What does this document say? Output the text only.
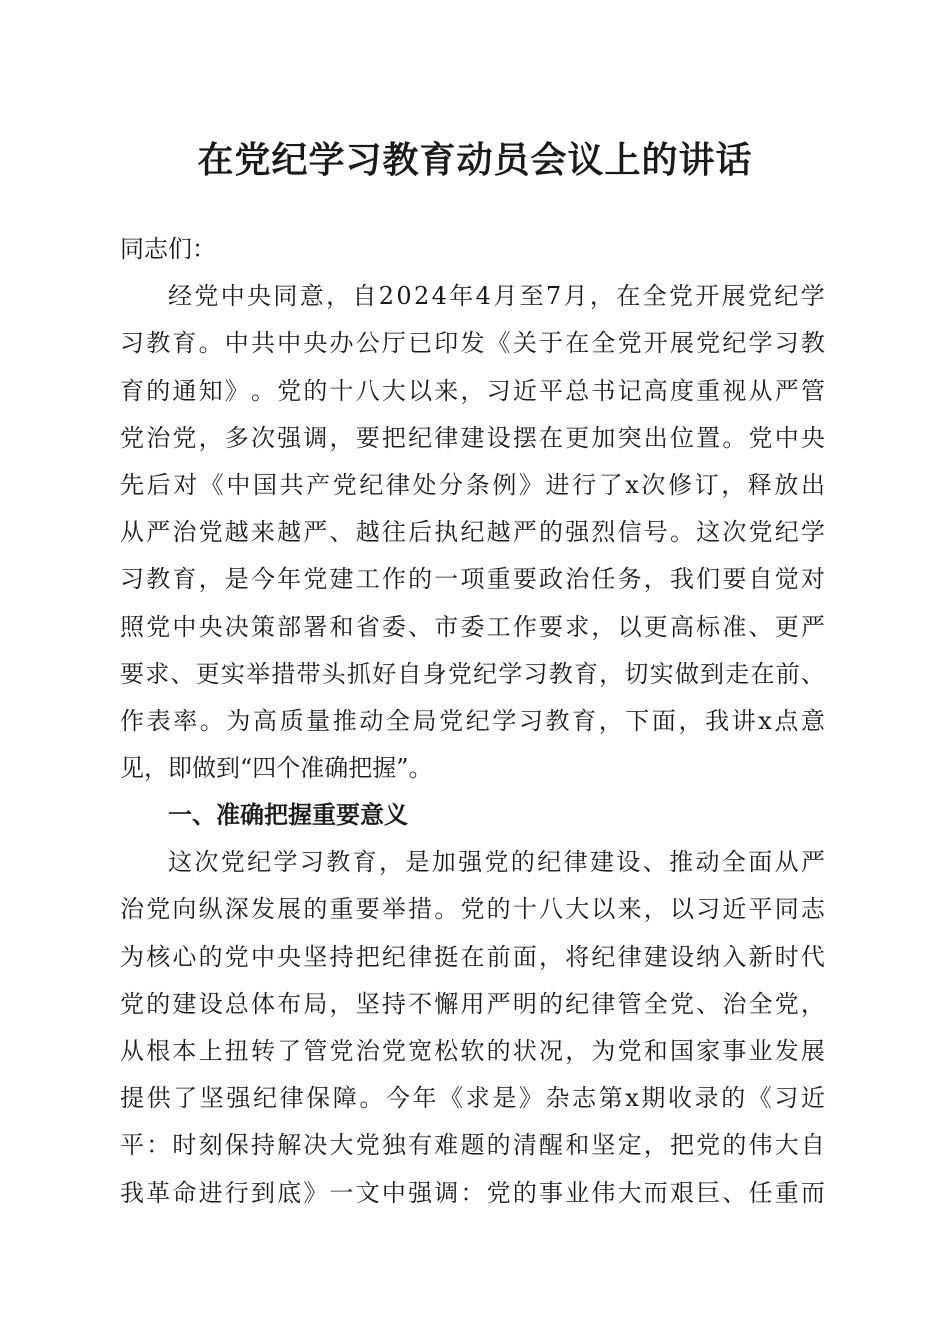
在党纪学习教育动员会议上的讲话
同志们：
经 党 中 央 同 意 ， 自 2 0 2 4 年 4 月 至 7 月 ， 在 全 党 开 展 党 纪 学
习 教 育 。 中 共 中 央 办 公 厅 已 印 发 《 关 于 在 全 党 开 展 党 纪 学 习 教
育 的 通 知 》 。 党 的 十 八 大 以 来 ， 习 近 平 总 书 记 高 度 重 视 从 严 管
党 治 党 ， 多 次 强 调 ， 要 把 纪 律 建 设 摆 在 更 加 突 出 位 置 。 党 中 央
先 后 对 《 中 国 共 产 党 纪 律 处 分 条 例 》 进 行 了 x 次 修 订 ， 释 放 出
从 严 治 党 越 来 越 严 、 越 往 后 执 纪 越 严 的 强 烈 信 号 。 这 次 党 纪 学
习 教 育 ， 是 今 年 党 建 工 作 的 一 项 重 要 政 治 任 务 ， 我 们 要 自 觉 对
照 党 中 央 决 策 部 署 和 省 委 、 市 委 工 作 要 求 ， 以 更 高 标 准 、 更 严
要 求 、 更 实 举 措 带 头 抓 好 自 身 党 纪 学 习 教 育 ， 切 实 做 到 走 在 前 、
作 表 率 。 为 高 质 量 推 动 全 局 党 纪 学 习 教 育 ， 下 面 ， 我 讲 x 点 意
见，即做到“四个准确把握”。
一、准确把握重要意义
这 次 党 纪 学 习 教 育 ， 是 加 强 党 的 纪 律 建 设 、 推 动 全 面 从 严
治 党 向 纵 深 发 展 的 重 要 举 措 。 党 的 十 八 大 以 来 ， 以 习 近 平 同 志
为 核 心 的 党 中 央 坚 持 把 纪 律 挺 在 前 面 ， 将 纪 律 建 设 纳 入 新 时 代
党 的 建 设 总 体 布 局 ， 坚 持 不 懈 用 严 明 的 纪 律 管 全 党 、 治 全 党 ，
从 根 本 上 扭 转 了 管 党 治 党 宽 松 软 的 状 况 ， 为 党 和 国 家 事 业 发 展
提 供 了 坚 强 纪 律 保 障 。 今 年 《 求 是 》 杂 志 第 x 期 收 录 的 《 习 近
平 ： 时 刻 保 持 解 决 大 党 独 有 难 题 的 清 醒 和 坚 定 ， 把 党 的 伟 大 自
我 革 命 进 行 到 底 》 一 文 中 强 调 ： 党 的 事 业 伟 大 而 艰 巨 、 任 重 而
